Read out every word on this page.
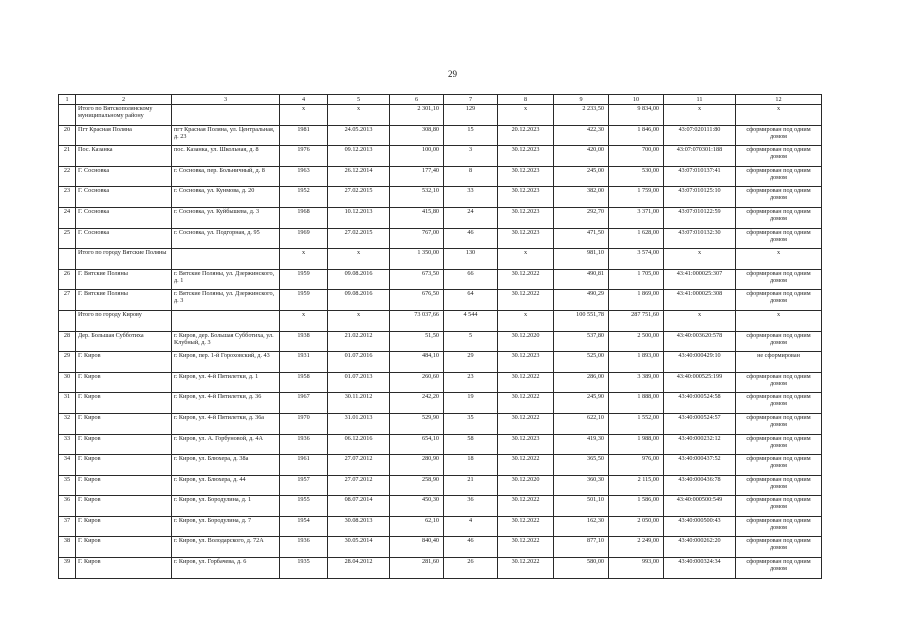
29
1	2	3	4	5	6	7	8	9	10	11	12
	Итого по Вятскополянскому муниципальному району		x	x	2 301,10	129	x	2 233,50	9 834,00	x	x
20	Пгт Красная Поляна	пгт Красная Поляна, ул. Центральная, д. 23	1981	24.05.2013	308,80	15	20.12.2023	422,30	1 846,00	43:07:020111:80	сформирован под одним домом
21	Пос. Казанка	пос. Казанка, ул. Школьная, д. 8	1976	09.12.2013	100,00	3	30.12.2023	420,00	700,00	43:07:070301:188	сформирован под одним домом
22	Г. Сосновка	г. Сосновка, пер. Больничный, д. 8	1963	26.12.2014	177,40	8	30.12.2023	245,00	530,00	43:07:010137:41	сформирован под одним домом
23	Г. Сосновка	г. Сосновка, ул. Кунмова, д. 20	1952	27.02.2015	532,10	33	30.12.2023	382,00	1 759,00	43:07:010125:10	сформирован под одним домом
24	Г. Сосновка	г. Сосновка, ул. Куйбышева, д. 3	1968	10.12.2013	415,80	24	30.12.2023	292,70	3 371,00	43:07:010122:59	сформирован под одним домом
25	Г. Сосновка	г. Сосновка, ул. Подгорная, д. 95	1969	27.02.2015	767,00	46	30.12.2023	471,50	1 628,00	43:07:010132:30	сформирован под одним домом
	Итого по городу Вятские Поляны		x	x	1 350,00	130	x	981,10	3 574,00	x	x
26	Г. Вятские Поляны	г. Вятские Поляны, ул. Дзержинского, д. 1	1959	09.08.2016	673,50	66	30.12.2022	490,81	1 705,00	43:41:000025:307	сформирован под одним домом
27	Г. Вятские Поляны	г. Вятские Поляны, ул. Дзержинского, д. 3	1959	09.08.2016	676,50	64	30.12.2022	490,29	1 869,00	43:41:000025:308	сформирован под одним домом
	Итого по городу Кирову		x	x	73 037,66	4 544	x	100 551,78	287 751,60	x	x
28	Дер. Большая Субботиха	г. Киров, дер. Большая Субботиха, ул. Клубный, д. 3	1938	21.02.2012	51,50	5	30.12.2020	537,80	2 500,00	43:40:003620:578	сформирован под одним домом
29	Г. Киров	г. Киров, пер. 1-й Гороховский, д. 43	1931	01.07.2016	484,10	29	30.12.2023	525,00	1 893,00	43:40:000429:10	не сформирован
30	Г. Киров	г. Киров, ул. 4-й Пятилетки, д. 1	1958	01.07.2013	260,60	23	30.12.2022	286,00	3 389,00	43:40:000525:199	сформирован под одним домом
31	Г. Киров	г. Киров, ул. 4-й Пятилетки, д. 36	1967	30.11.2012	242,20	19	30.12.2022	245,90	1 888,00	43:40:000524:58	сформирован под одним домом
32	Г. Киров	г. Киров, ул. 4-й Пятилетки, д. 36а	1970	31.01.2013	529,90	35	30.12.2022	622,10	1 552,00	43:40:000524:57	сформирован под одним домом
33	Г. Киров	г. Киров, ул. А. Горбуновой, д. 4А	1936	06.12.2016	654,10	58	30.12.2023	419,30	1 988,00	43:40:000232:12	сформирован под одним домом
34	Г. Киров	г. Киров, ул. Блюхера, д. 38а	1961	27.07.2012	280,90	18	30.12.2022	365,50	976,00	43:40:000437:52	сформирован под одним домом
35	Г. Киров	г. Киров, ул. Блюхера, д. 44	1957	27.07.2012	258,90	21	30.12.2020	360,30	2 115,00	43:40:000436:78	сформирован под одним домом
36	Г. Киров	г. Киров, ул. Бородулина, д. 1	1955	08.07.2014	450,30	36	30.12.2022	501,10	1 586,00	43:40:000500:549	сформирован под одним домом
37	Г. Киров	г. Киров, ул. Бородулина, д. 7	1954	30.08.2013	62,10	4	30.12.2022	162,30	2 050,00	43:40:000500:43	сформирован под одним домом
38	Г. Киров	г. Киров, ул. Володарского, д. 72А	1936	30.05.2014	840,40	46	30.12.2022	877,10	2 249,00	43:40:000262:20	сформирован под одним домом
39	Г. Киров	г. Киров, ул. Горбачева, д. 6	1935	28.04.2012	281,60	26	30.12.2022	580,00	993,00	43:40:000324:34	сформирован под одним домом
